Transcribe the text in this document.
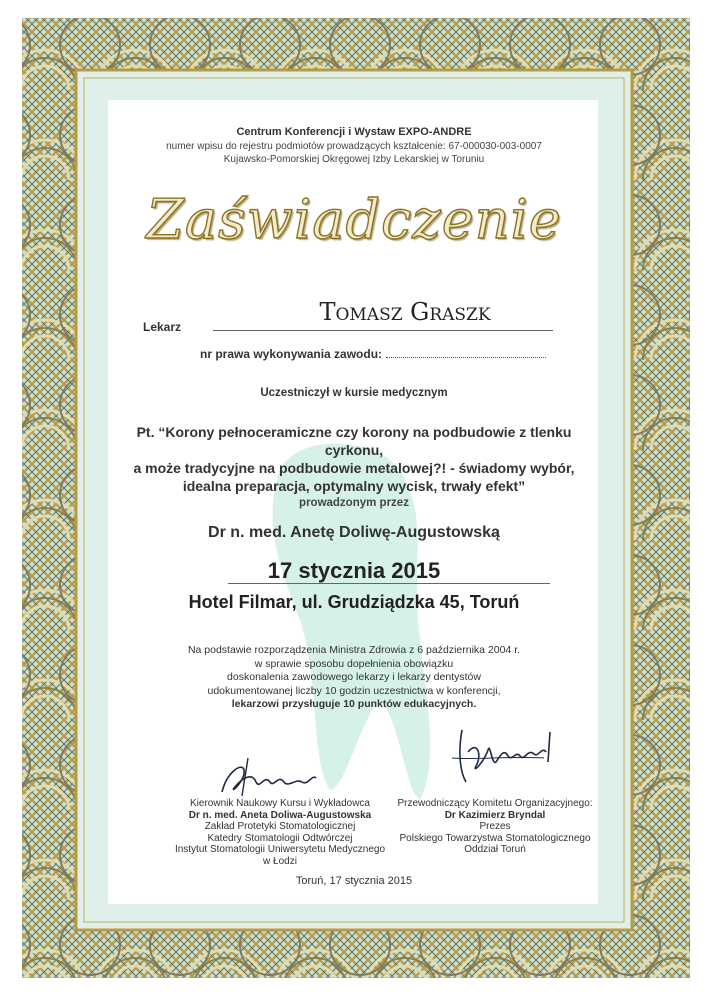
Centrum Konferencji i Wystaw EXPO-ANDRE
numer wpisu do rejestru podmiotów prowadzących kształcenie: 67-000030-003-0007
Kujawsko-Pomorskiej Okręgowej Izby Lekarskiej w Toruniu
Zaświadczenie
Lekarz
Tomasz Graszk
nr prawa wykonywania zawodu:
Uczestniczył w kursie medycznym
Pt. “Korony pełnoceramiczne czy korony na podbudowie z tlenku cyrkonu,
a może tradycyjne na podbudowie metalowej?! - świadomy wybór,
idealna preparacja, optymalny wycisk, trwały efekt”
prowadzonym przez
Dr n. med. Anetę Doliwę-Augustowską
17 stycznia 2015
Hotel Filmar, ul. Grudziądzka 45, Toruń
Na podstawie rozporządzenia Ministra Zdrowia z 6 października 2004 r.
w sprawie sposobu dopełnienia obowiązku
doskonalenia zawodowego lekarzy i lekarzy dentystów
udokumentowanej liczby 10 godzin uczestnictwa w konferencji,
lekarzowi przysługuje 10 punktów edukacyjnych.
Kierownik Naukowy Kursu i Wykładowca
Dr n. med. Aneta Doliwa-Augustowska
Zakład Protetyki Stomatologicznej
Katedry Stomatologii Odtwórczej
Instytut Stomatologii Uniwersytetu Medycznego
w Łodzi
Przewodniczący Komitetu Organizacyjnego:
Dr Kazimierz Bryndal
Prezes
Polskiego Towarzystwa Stomatologicznego
Oddział Toruń
Toruń, 17 stycznia 2015
